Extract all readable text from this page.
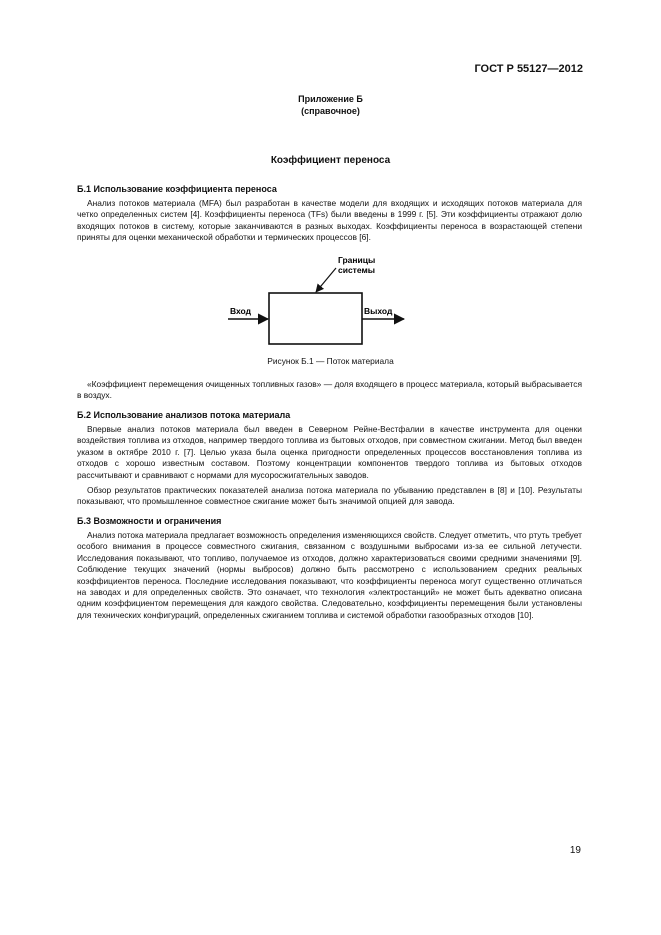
ГОСТ Р 55127—2012
Приложение Б
(справочное)
Коэффициент переноса
Б.1 Использование коэффициента переноса

Анализ потоков материала (MFA) был разработан в качестве модели для входящих и исходящих потоков материала для четко определенных систем [4]. Коэффициенты переноса (TFs) были введены в 1999 г. [5]. Эти коэффициенты отражают долю входящих потоков в систему, которые заканчиваются в разных выходах. Коэффициенты переноса в возрастающей степени приняты для оценки механической обработки и термических процессов [6].

Границы
системы
Вход	Выход
Рисунок Б.1 — Поток материала

«Коэффициент перемещения очищенных топливных газов» — доля входящего в процесс материала, который выбрасывается в воздух.

Б.2 Использование анализов потока материала

Впервые анализ потоков материала был введен в Северном Рейне-Вестфалии в качестве инструмента для оценки воздействия топлива из отходов, например твердого топлива из бытовых отходов, при совместном сжигании. Метод был введен указом в октябре 2010 г. [7]. Целью указа была оценка пригодности определенных процессов восстановления топлива из отходов с хорошо известным составом. Поэтому концентрации компонентов твердого топлива из бытовых отходов рассчитывают и сравнивают с нормами для мусоросжигательных заводов.

Обзор результатов практических показателей анализа потока материала по убыванию представлен в [8] и [10]. Результаты показывают, что промышленное совместное сжигание может быть значимой опцией для завода.

Б.3 Возможности и ограничения

Анализ потока материала предлагает возможность определения изменяющихся свойств. Следует отметить, что ртуть требует особого внимания в процессе совместного сжигания, связанном с воздушными выбросами из-за ее сильной летучести. Исследования показывают, что топливо, получаемое из отходов, должно характеризоваться своими средними значениями [9]. Соблюдение текущих значений (нормы выбросов) должно быть рассмотрено с использованием средних реальных коэффициентов переноса. Последние исследования показывают, что коэффициенты переноса могут существенно отличаться на заводах и для определенных свойств. Это означает, что технология «электростанций» не может быть адекватно описана одним коэффициентом перемещения для каждого свойства. Следовательно, коэффициенты перемещения были установлены для технических конфигураций, определенных сжиганием топлива и системой обработки газообразных отходов [10].

19
